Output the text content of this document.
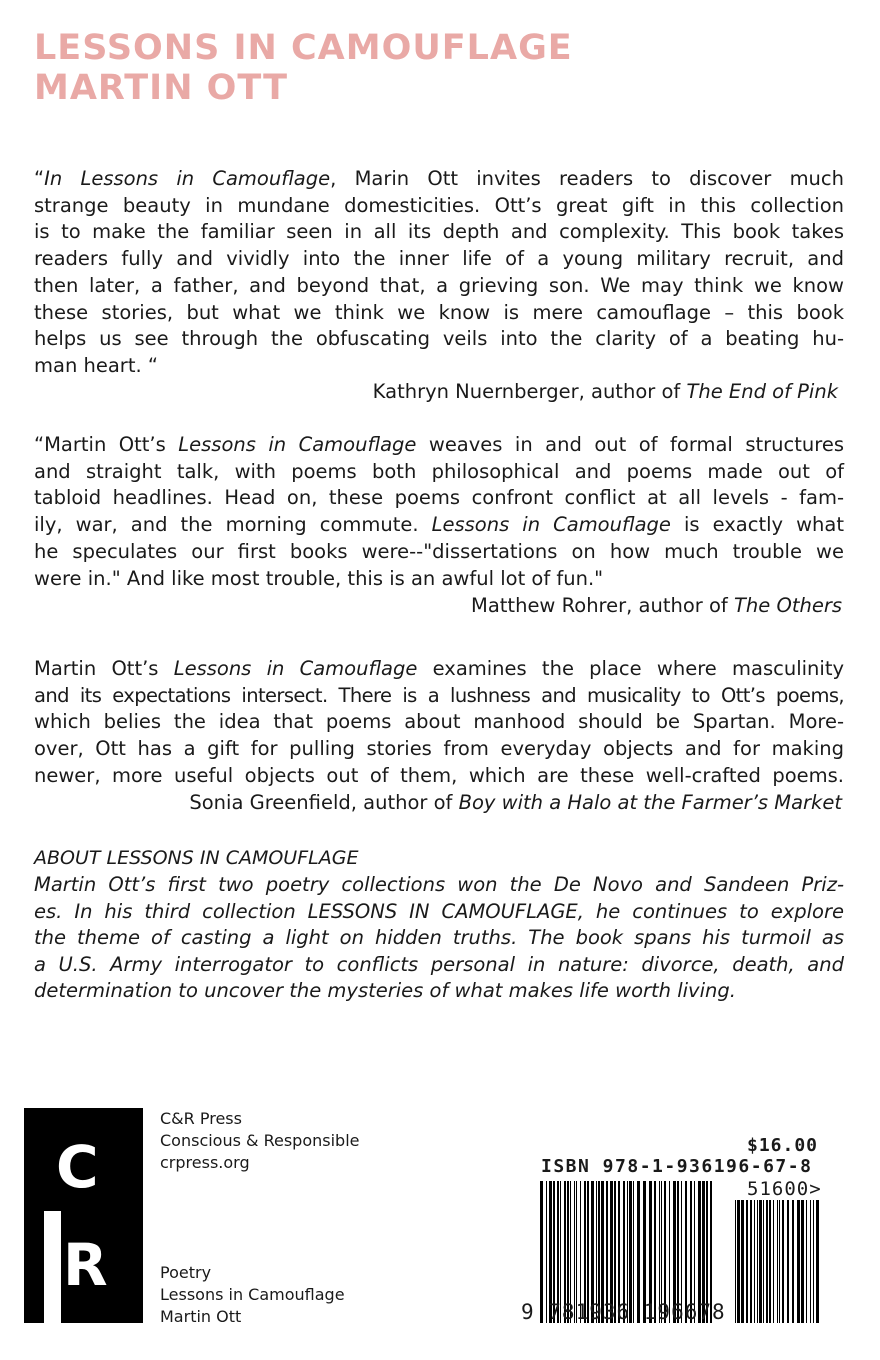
LESSONS IN CAMOUFLAGE
MARTIN OTT
“In Lessons in Camouflage, Marin Ott invites readers to discover much
strange beauty in mundane domesticities. Ott’s great gift in this collection
is to make the familiar seen in all its depth and complexity. This book takes
readers fully and vividly into the inner life of a young military recruit, and
then later, a father, and beyond that, a grieving son. We may think we know
these stories, but what we think we know is mere camouflage – this book
helps us see through the obfuscating veils into the clarity of a beating hu-
man heart. “
Kathryn Nuernberger, author of The End of Pink
“Martin Ott’s Lessons in Camouflage weaves in and out of formal structures
and straight talk, with poems both philosophical and poems made out of
tabloid headlines. Head on, these poems confront conflict at all levels - fam-
ily, war, and the morning commute. Lessons in Camouflage is exactly what
he speculates our first books were--"dissertations on how much trouble we
were in." And like most trouble, this is an awful lot of fun."
Matthew Rohrer, author of The Others
Martin Ott’s Lessons in Camouflage examines the place where masculinity
and its expectations intersect. There is a lushness and musicality to Ott’s poems,
which belies the idea that poems about manhood should be Spartan. More-
over, Ott has a gift for pulling stories from everyday objects and for making
newer, more useful objects out of them, which are these well-crafted poems.
Sonia Greenfield, author of Boy with a Halo at the Farmer’s Market
ABOUT LESSONS IN CAMOUFLAGE
Martin Ott’s first two poetry collections won the De Novo and Sandeen Priz-
es. In his third collection LESSONS IN CAMOUFLAGE, he continues to explore
the theme of casting a light on hidden truths. The book spans his turmoil as
a U.S. Army interrogator to conflicts personal in nature: divorce, death, and
determination to uncover the mysteries of what makes life worth living.
C
R
C&R Press
Conscious & Responsible
crpress.org
Poetry
Lessons in Camouflage
Martin Ott
$16.00
ISBN 978-1-936196-67-8
51600>
9 781936 196678
